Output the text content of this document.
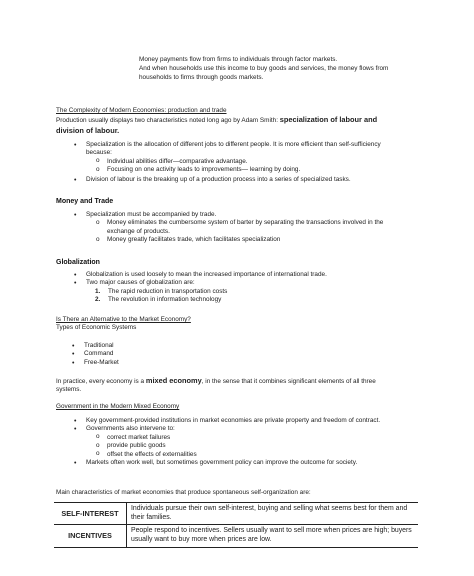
Money payments flow from firms to individuals through factor markets.

And when households use this income to buy goods and services, the money flows from

households to firms through goods markets.

The Complexity of Modern Economies: production and trade

Production usually displays two characteristics noted long ago by Adam Smith: specialization of labour and

division of labour.

• Specialization is the allocation of different jobs to different people. It is more efficient than self-sufficiency

because:

o Individual abilities differ—comparative advantage.

o Focusing on one activity leads to improvements— learning by doing.

• Division of labour is the breaking up of a production process into a series of specialized tasks.

Money and Trade

• Specialization must be accompanied by trade.

o Money eliminates the cumbersome system of barter by separating the transactions involved in the

exchange of products.

o Money greatly facilitates trade, which facilitates specialization

Globalization

• Globalization is used loosely to mean the increased importance of international trade.

• Two major causes of globalization are:

1. The rapid reduction in transportation costs

2. The revolution in information technology

Is There an Alternative to the Market Economy?

Types of Economic Systems

• Traditional

• Command

• Free-Market

In practice, every economy is a mixed economy, in the sense that it combines significant elements of all three

systems.

Government in the Modern Mixed Economy

• Key government-provided institutions in market economies are private property and freedom of contract.

• Governments also intervene to:

o correct market failures

o provide public goods

o offset the effects of externalities

• Markets often work well, but sometimes government policy can improve the outcome for society.

Main characteristics of market economies that produce spontaneous self-organization are:

SELF-INTEREST	Individuals pursue their own self-interest, buying and selling what seems best for them and their families.
INCENTIVES	People respond to incentives. Sellers usually want to sell more when prices are high; buyers usually want to buy more when prices are low.
